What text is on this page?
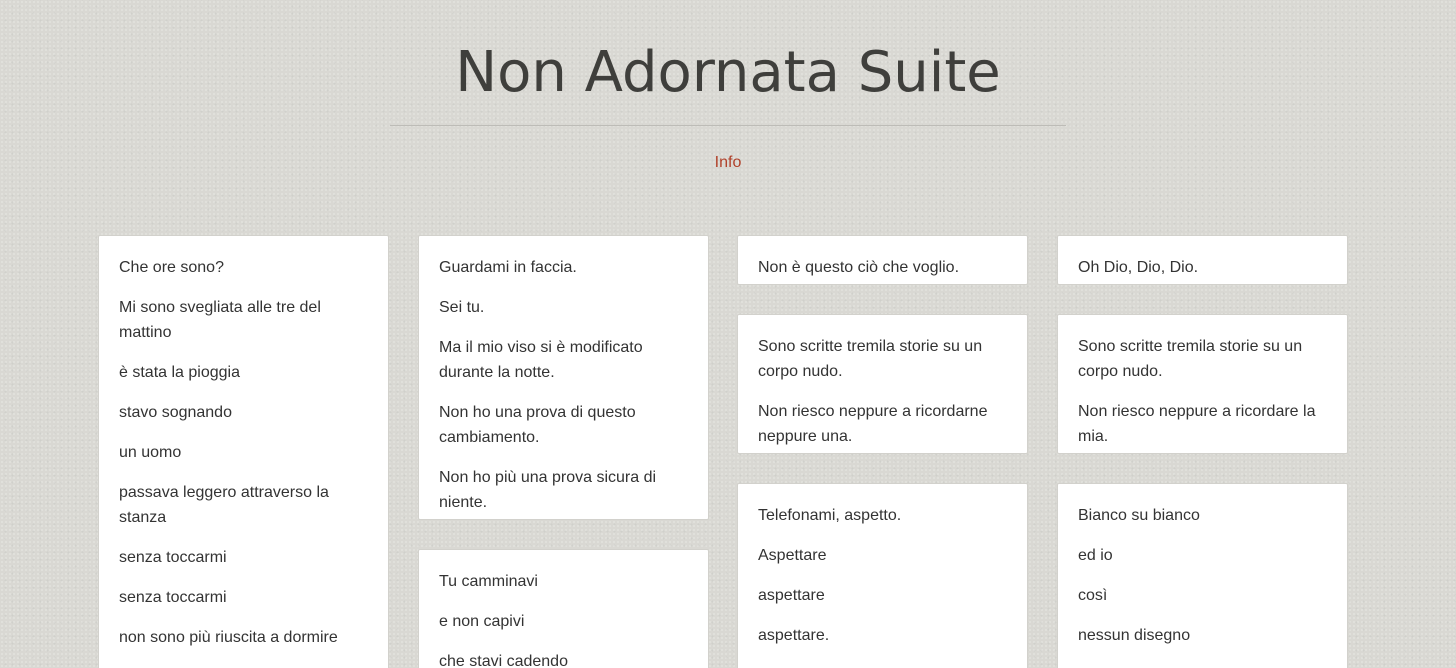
Non Adornata Suite
Info

Che ore sono?

Mi sono svegliata alle tre del mattino

è stata la pioggia

stavo sognando

un uomo

passava leggero attraverso la stanza

senza toccarmi

senza toccarmi

non sono più riuscita a dormire

Guardami in faccia.

Sei tu.

Ma il mio viso si è modificato durante la notte.

Non ho una prova di questo cambiamento.

Non ho più una prova sicura di niente.

Tu camminavi

e non capivi

che stavi cadendo

Non è questo ciò che voglio.

Sono scritte tremila storie su un corpo nudo.

Non riesco neppure a ricordarne neppure una.

Telefonami, aspetto.

Aspettare

aspettare

aspettare.

Oh Dio, Dio, Dio.

Sono scritte tremila storie su un corpo nudo.

Non riesco neppure a ricordare la mia.

Bianco su bianco

ed io

così

nessun disegno
